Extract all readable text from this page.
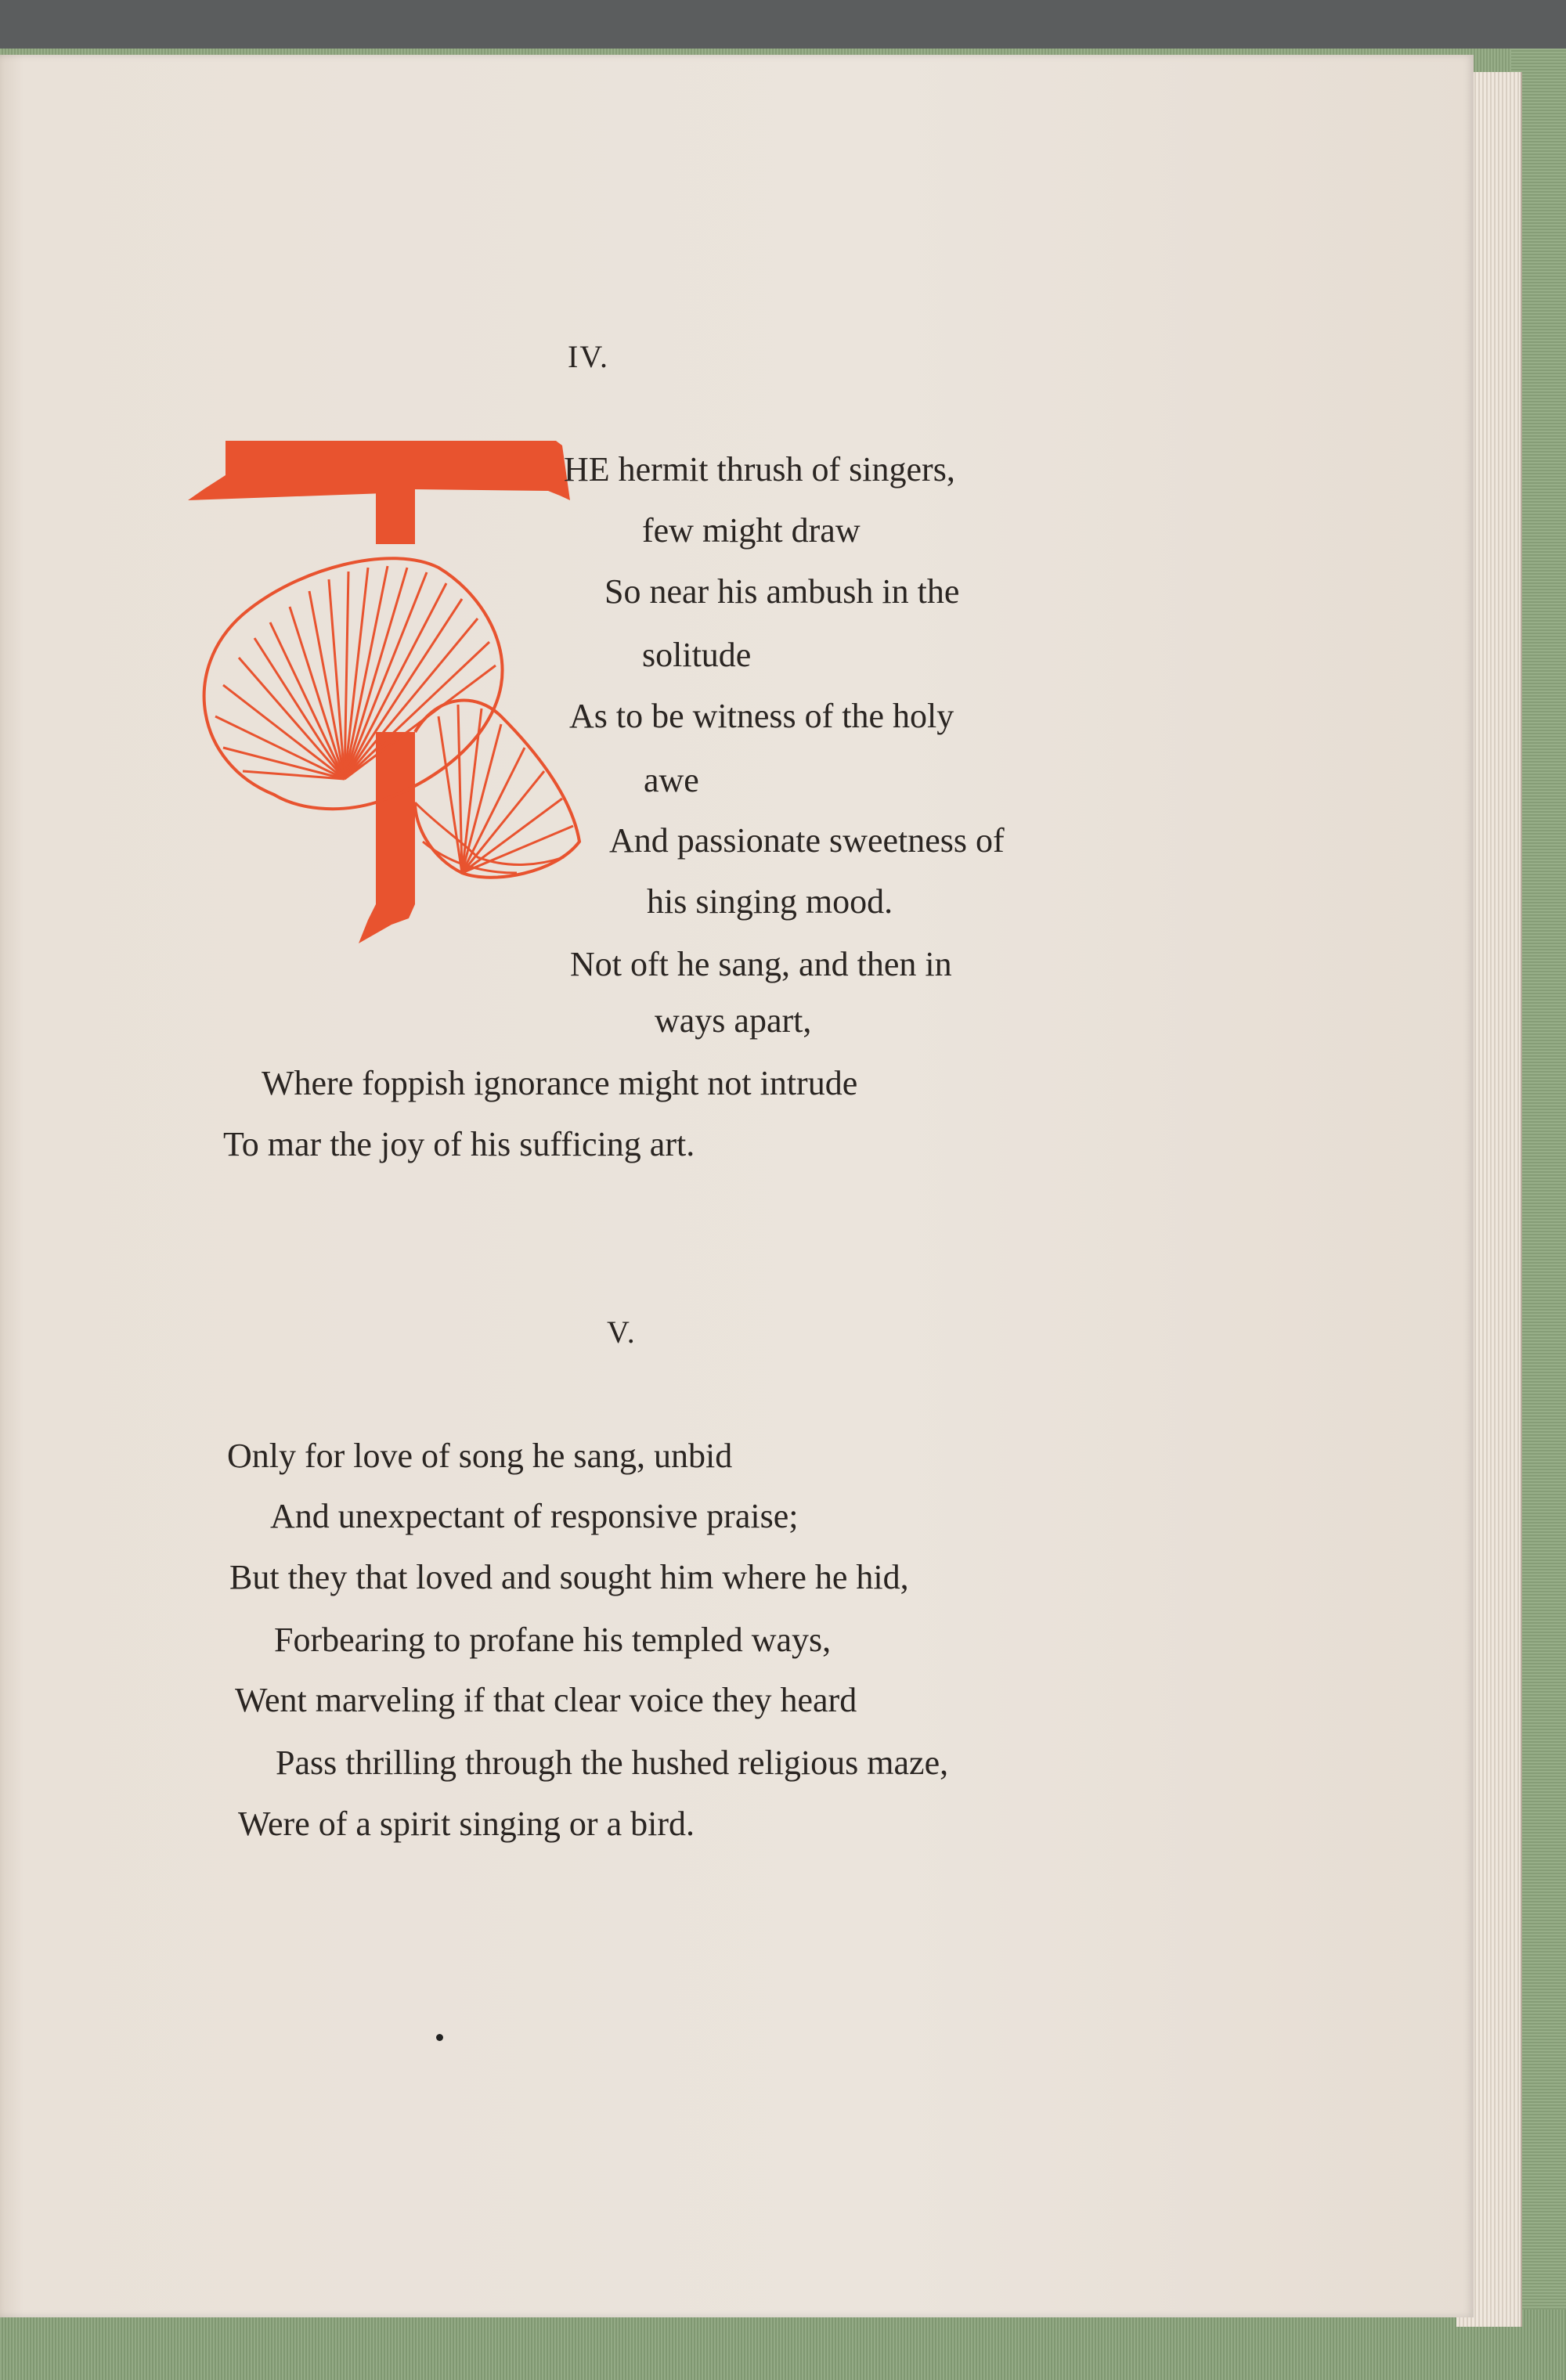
IV.
HE hermit thrush of singers,
few might draw
So near his ambush in the
solitude
As to be witness of the holy
awe
And passionate sweetness of
his singing mood.
Not oft he sang, and then in
ways apart,
Where foppish ignorance might not intrude
To mar the joy of his sufficing art.
V.
Only for love of song he sang, unbid
And unexpectant of responsive praise;
But they that loved and sought him where he hid,
Forbearing to profane his templed ways,
Went marveling if that clear voice they heard
Pass thrilling through the hushed religious maze,
Were of a spirit singing or a bird.
